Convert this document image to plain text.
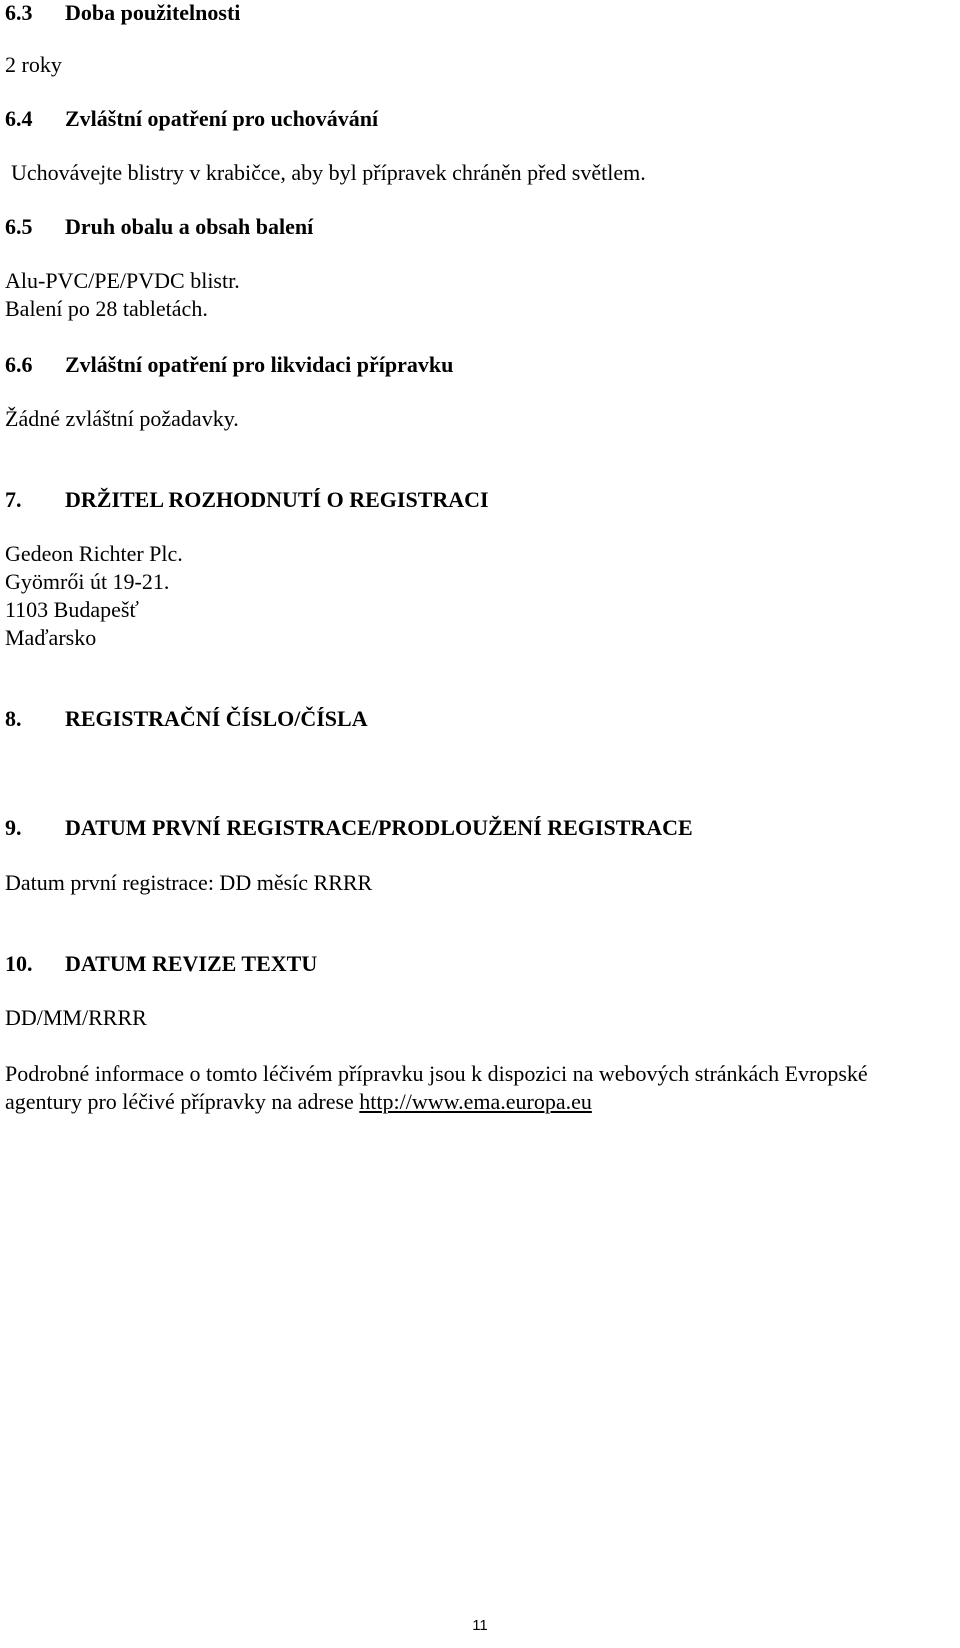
6.3 Doba použitelnosti
2 roky
6.4 Zvláštní opatření pro uchovávání
Uchovávejte blistry v krabičce, aby byl přípravek chráněn před světlem.
6.5 Druh obalu a obsah balení
Alu-PVC/PE/PVDC blistr.
Balení po 28 tabletách.
6.6 Zvláštní opatření pro likvidaci přípravku
Žádné zvláštní požadavky.
7. DRŽITEL ROZHODNUTÍ O REGISTRACI
Gedeon Richter Plc.
Gyömrői út 19-21.
1103 Budapešť
Maďarsko
8. REGISTRAČNÍ ČÍSLO/ČÍSLA
9. DATUM PRVNÍ REGISTRACE/PRODLOUŽENÍ REGISTRACE
Datum první registrace: DD měsíc RRRR
10. DATUM REVIZE TEXTU
DD/MM/RRRR
Podrobné informace o tomto léčivém přípravku jsou k dispozici na webových stránkách Evropské
agentury pro léčivé přípravky na adrese http://www.ema.europa.eu
11
